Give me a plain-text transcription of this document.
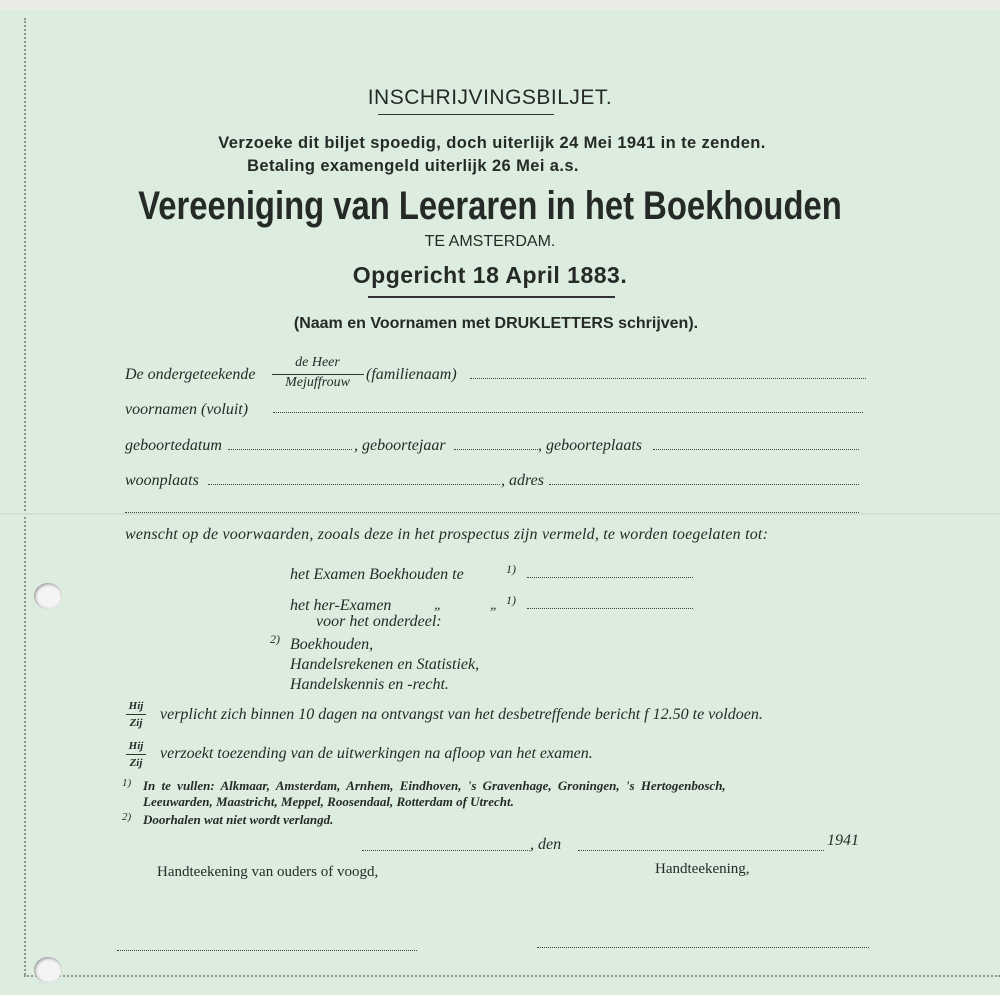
INSCHRIJVINGSBILJET.
Verzoeke dit biljet spoedig, doch uiterlijk 24 Mei 1941 in te zenden.
Betaling examengeld uiterlijk 26 Mei a.s.
Vereeniging van Leeraren in het Boekhouden
TE AMSTERDAM.
Opgericht 18 April 1883.
(Naam en Voornamen met DRUKLETTERS schrijven).
De ondergeteekende
de Heer
Mejuffrouw	(familienaam)
voornamen (voluit)
geboortedatum	, geboortejaar	, geboorteplaats
woonplaats	, adres
wenscht op de voorwaarden, zooals deze in het prospectus zijn vermeld, te worden toegelaten tot:
het Examen Boekhouden te	1)
het her-Examen	„	„ 1)
voor het onderdeel:
2) Boekhouden,
Handelsrekenen en Statistiek,
Handelskennis en -recht.
Hij
Zij	verplicht zich binnen 10 dagen na ontvangst van het desbetreffende bericht f 12.50 te voldoen.
Hij
Zij
verzoekt toezending van de uitwerkingen na afloop van het examen.
1) In te vullen: Alkmaar, Amsterdam, Arnhem, Eindhoven, 's Gravenhage, Groningen, 's Hertogenbosch,
Leeuwarden, Maastricht, Meppel, Roosendaal, Rotterdam of Utrecht.
2) Doorhalen wat niet wordt verlangd.
, den	1941
Handteekening van ouders of voogd,	Handteekening,
